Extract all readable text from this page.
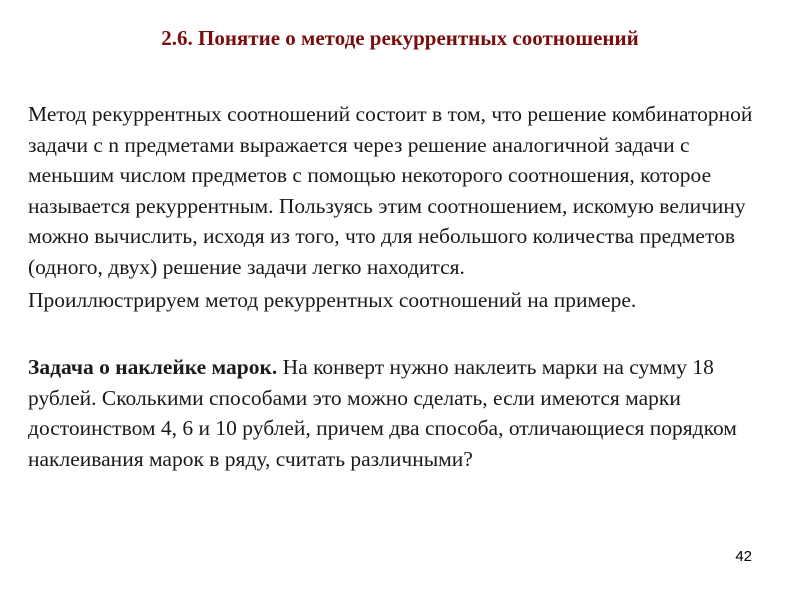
2.6. Понятие о методе рекуррентных соотношений

Метод рекуррентных соотношений состоит в том, что решение комбинаторной задачи с n предметами выражается через решение аналогичной задачи с меньшим числом предметов с помощью некоторого соотношения, которое называется рекуррентным. Пользуясь этим соотношением, искомую величину можно вычислить, исходя из того, что для небольшого количества предметов (одного, двух) решение задачи легко находится.

Проиллюстрируем метод рекуррентных соотношений на примере.

Задача о наклейке марок. На конверт нужно наклеить марки на сумму 18 рублей. Сколькими способами это можно сделать, если имеются марки достоинством 4, 6 и 10 рублей, причем два способа, отличающиеся порядком наклеивания марок в ряду, считать различными?

42
